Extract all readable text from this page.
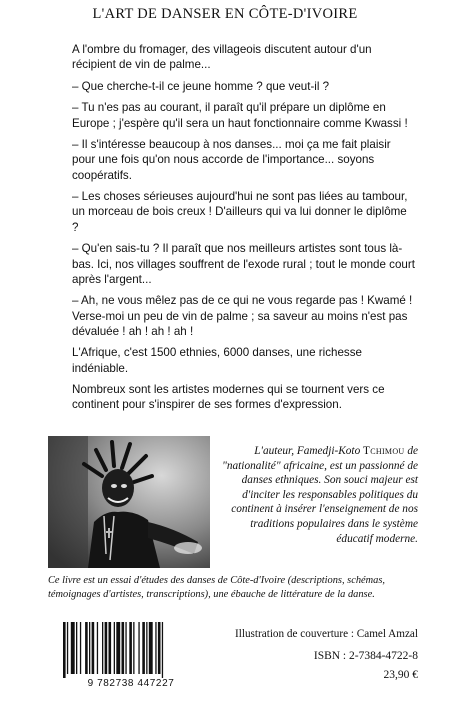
L'ART DE DANSER EN CÔTE-D'IVOIRE

A l'ombre du fromager, des villageois discutent autour d'un récipient de vin de palme...

– Que cherche-t-il ce jeune homme ? que veut-il ?

– Tu n'es pas au courant, il paraît qu'il prépare un diplôme en Europe ; j'espère qu'il sera un haut fonctionnaire comme Kwassi !

– Il s'intéresse beaucoup à nos danses... moi ça me fait plaisir pour une fois qu'on nous accorde de l'importance... soyons coopératifs.

– Les choses sérieuses aujourd'hui ne sont pas liées au tambour, un morceau de bois creux ! D'ailleurs qui va lui donner le diplôme ?

– Qu'en sais-tu ? Il paraît que nos meilleurs artistes sont tous là-bas. Ici, nos villages souffrent de l'exode rural ; tout le monde court après l'argent...

– Ah, ne vous mêlez pas de ce qui ne vous regarde pas ! Kwamé ! Verse-moi un peu de vin de palme ; sa saveur au moins n'est pas dévaluée ! ah ! ah ! ah !

L'Afrique, c'est 1500 ethnies, 6000 danses, une richesse indéniable.

Nombreux sont les artistes modernes qui se tournent vers ce continent pour s'inspirer de ses formes d'expression.

L'auteur, Famedji-Koto Tchimou de "nationalité" africaine, est un passionné de danses ethniques. Son souci majeur est d'inciter les responsables politiques du continent à insérer l'enseignement de nos traditions populaires dans le système éducatif moderne.
Ce livre est un essai d'études des danses de Côte-d'Ivoire (descriptions, schémas, témoignages d'artistes, transcriptions), une ébauche de littérature de la danse.
9 782738 447227
Illustration de couverture : Camel Amzal
ISBN : 2-7384-4722-8
23,90 €
